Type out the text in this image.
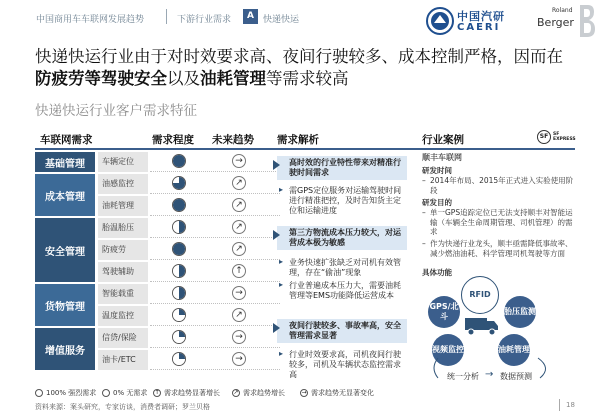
中国商用车车联网发展趋势	下游行业需求	A	快递快运	中国汽研
CAERI
Roland
Berger
快递快运行业由于对时效要求高、夜间行驶较多、成本控制严格，因而在防疲劳等驾驶安全以及油耗管理等需求较高
快递快运行业客户需求特征
车联网需求	需求程度 未来趋势 需求解析	行业案例	SF	SF EXPRESS
基础管理	车辆定位	→
成本管理
油感监控	↗
油耗管理	↗
安全管理
胎温胎压	↗
防疲劳	↗
驾驶辅助	↑
货物管理
智能载重	→
温度监控	↗
增值服务
信贷/保险	→
油卡/ETC	→
高时效的行业特性带来对精准行驶时间需求
需GPS定位服务对运输驾驶时间进行精准把控，及时告知货主定位和运输进度
▸
第三方物流成本压力较大，对运营成本极为敏感
业务快速扩张缺乏对司机有效管理，存在“偷油”现象
▸
行业普遍成本压力大，需要油耗管理等EMS功能降低运营成本
▸
夜间行驶较多、事故率高，安全管理需求显著
行业时效要求高，司机夜间行驶较多，司机及车辆状态监控需求高
▸
顺丰车联网
研发时间
– 2014年布局、2015年正式进入实验使用阶段
研发目的
– 单一GPS追踪定位已无法支持顺丰对智能运输（车辆全生命周期管理、司机管理）的需求
– 作为快递行业龙头，顺丰亟需降低事故率、减少燃油油耗、科学管理司机驾驶等方面
具体功能
RFID
GPS/北斗
胎压监测
视频监控	油耗管理
统一分析 → 数据预测
100% 强烈需求 0% 无需求 ↑ 需求趋势显著增长 ↗ 需求趋势增长	→ 需求趋势无显著变化
资料来源：案头研究，专家访谈，消费者调研；罗兰贝格	18
